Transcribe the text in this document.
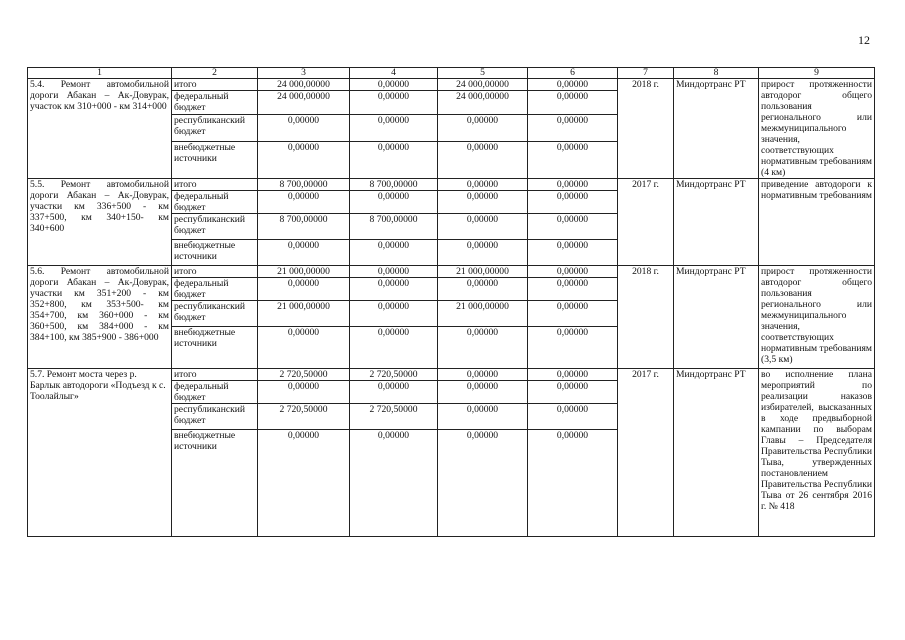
12
1	2	3	4	5	6	7	8	9
5.4. Ремонт автомобильной дороги Абакан – Ак-Довурак, участок км 310+000 - км 314+000	итого	24 000,00000	0,00000	24 000,00000	0,00000	2018 г.	Миндортранс РТ	прирост протяженности автодорог общего пользования регионального или межмуниципального значения, соответствующих нормативным требованиям (4 км)
	федеральный бюджет	24 000,00000	0,00000	24 000,00000	0,00000			
	республиканский бюджет	0,00000	0,00000	0,00000	0,00000			
	внебюджетные источники	0,00000	0,00000	0,00000	0,00000			
5.5. Ремонт автомобильной дороги Абакан – Ак-Довурак, участки км 336+500 - км 337+500, км 340+150- км 340+600	итого	8 700,00000	8 700,00000	0,00000	0,00000	2017 г.	Миндортранс РТ	приведение автодороги к нормативным требованиям
	федеральный бюджет	0,00000	0,00000	0,00000	0,00000			
	республиканский бюджет	8 700,00000	8 700,00000	0,00000	0,00000			
	внебюджетные источники	0,00000	0,00000	0,00000	0,00000			
5.6. Ремонт автомобильной дороги Абакан – Ак-Довурак, участки км 351+200 - км 352+800, км 353+500- км 354+700, км 360+000 - км 360+500, км 384+000 - км 384+100, км 385+900 - 386+000	итого	21 000,00000	0,00000	21 000,00000	0,00000	2018 г.	Миндортранс РТ	прирост протяженности автодорог общего пользования регионального или межмуниципального значения, соответствующих нормативным требованиям (3,5 км)
	федеральный бюджет	0,00000	0,00000	0,00000	0,00000			
	республиканский бюджет	21 000,00000	0,00000	21 000,00000	0,00000			
	внебюджетные источники	0,00000	0,00000	0,00000	0,00000			
5.7. Ремонт моста через р. Барлык автодороги «Подъезд к с. Тоолайлыг»	итого	2 720,50000	2 720,50000	0,00000	0,00000	2017 г.	Миндортранс РТ	во исполнение плана мероприятий по реализации наказов избирателей, высказанных в ходе предвыборной кампании по выборам Главы – Председателя Правительства Республики Тыва, утвержденных постановлением Правительства Республики Тыва от 26 сентября 2016 г. № 418
	федеральный бюджет	0,00000	0,00000	0,00000	0,00000			
	республиканский бюджет	2 720,50000	2 720,50000	0,00000	0,00000			
	внебюджетные источники	0,00000	0,00000	0,00000	0,00000			
